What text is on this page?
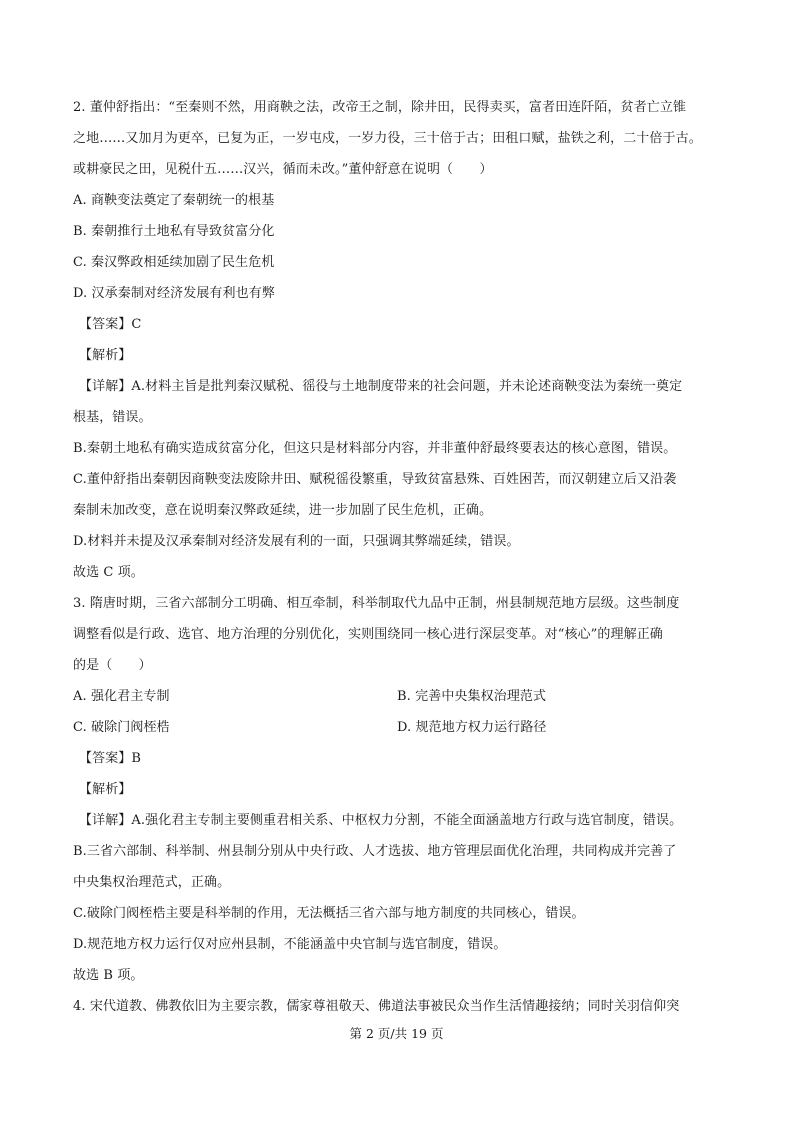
2. 董仲舒指出：“至秦则不然，用商鞅之法，改帝王之制，除井田，民得卖买，富者田连阡陌，贫者亡立锥
之地……又加月为更卒，已复为正，一岁屯戍，一岁力役，三十倍于古；田租口赋，盐铁之利，二十倍于古。
或耕豪民之田，见税什五……汉兴，循而未改。”董仲舒意在说明（　　）
A. 商鞅变法奠定了秦朝统一的根基
B. 秦朝推行土地私有导致贫富分化
C. 秦汉弊政相延续加剧了民生危机
D. 汉承秦制对经济发展有利也有弊
【答案】C
【解析】
【详解】A.材料主旨是批判秦汉赋税、徭役与土地制度带来的社会问题，并未论述商鞅变法为秦统一奠定
根基，错误。
B.秦朝土地私有确实造成贫富分化，但这只是材料部分内容，并非董仲舒最终要表达的核心意图，错误。
C.董仲舒指出秦朝因商鞅变法废除井田、赋税徭役繁重，导致贫富悬殊、百姓困苦，而汉朝建立后又沿袭
秦制未加改变，意在说明秦汉弊政延续，进一步加剧了民生危机，正确。
D.材料并未提及汉承秦制对经济发展有利的一面，只强调其弊端延续，错误。
故选 C 项。
3. 隋唐时期，三省六部制分工明确、相互牵制，科举制取代九品中正制，州县制规范地方层级。这些制度
调整看似是行政、选官、地方治理的分别优化，实则围绕同一核心进行深层变革。对“核心”的理解正确
的是（　　）
A. 强化君主专制	B. 完善中央集权治理范式
C. 破除门阀桎梏	D. 规范地方权力运行路径
【答案】B
【解析】
【详解】A.强化君主专制主要侧重君相关系、中枢权力分割，不能全面涵盖地方行政与选官制度，错误。
B.三省六部制、科举制、州县制分别从中央行政、人才选拔、地方管理层面优化治理，共同构成并完善了
中央集权治理范式，正确。
C.破除门阀桎梏主要是科举制的作用，无法概括三省六部与地方制度的共同核心，错误。
D.规范地方权力运行仅对应州县制，不能涵盖中央官制与选官制度，错误。
故选 B 项。
4. 宋代道教、佛教依旧为主要宗教，儒家尊祖敬天、佛道法事被民众当作生活情趣接纳；同时关羽信仰突
第 2 页/共 19 页
